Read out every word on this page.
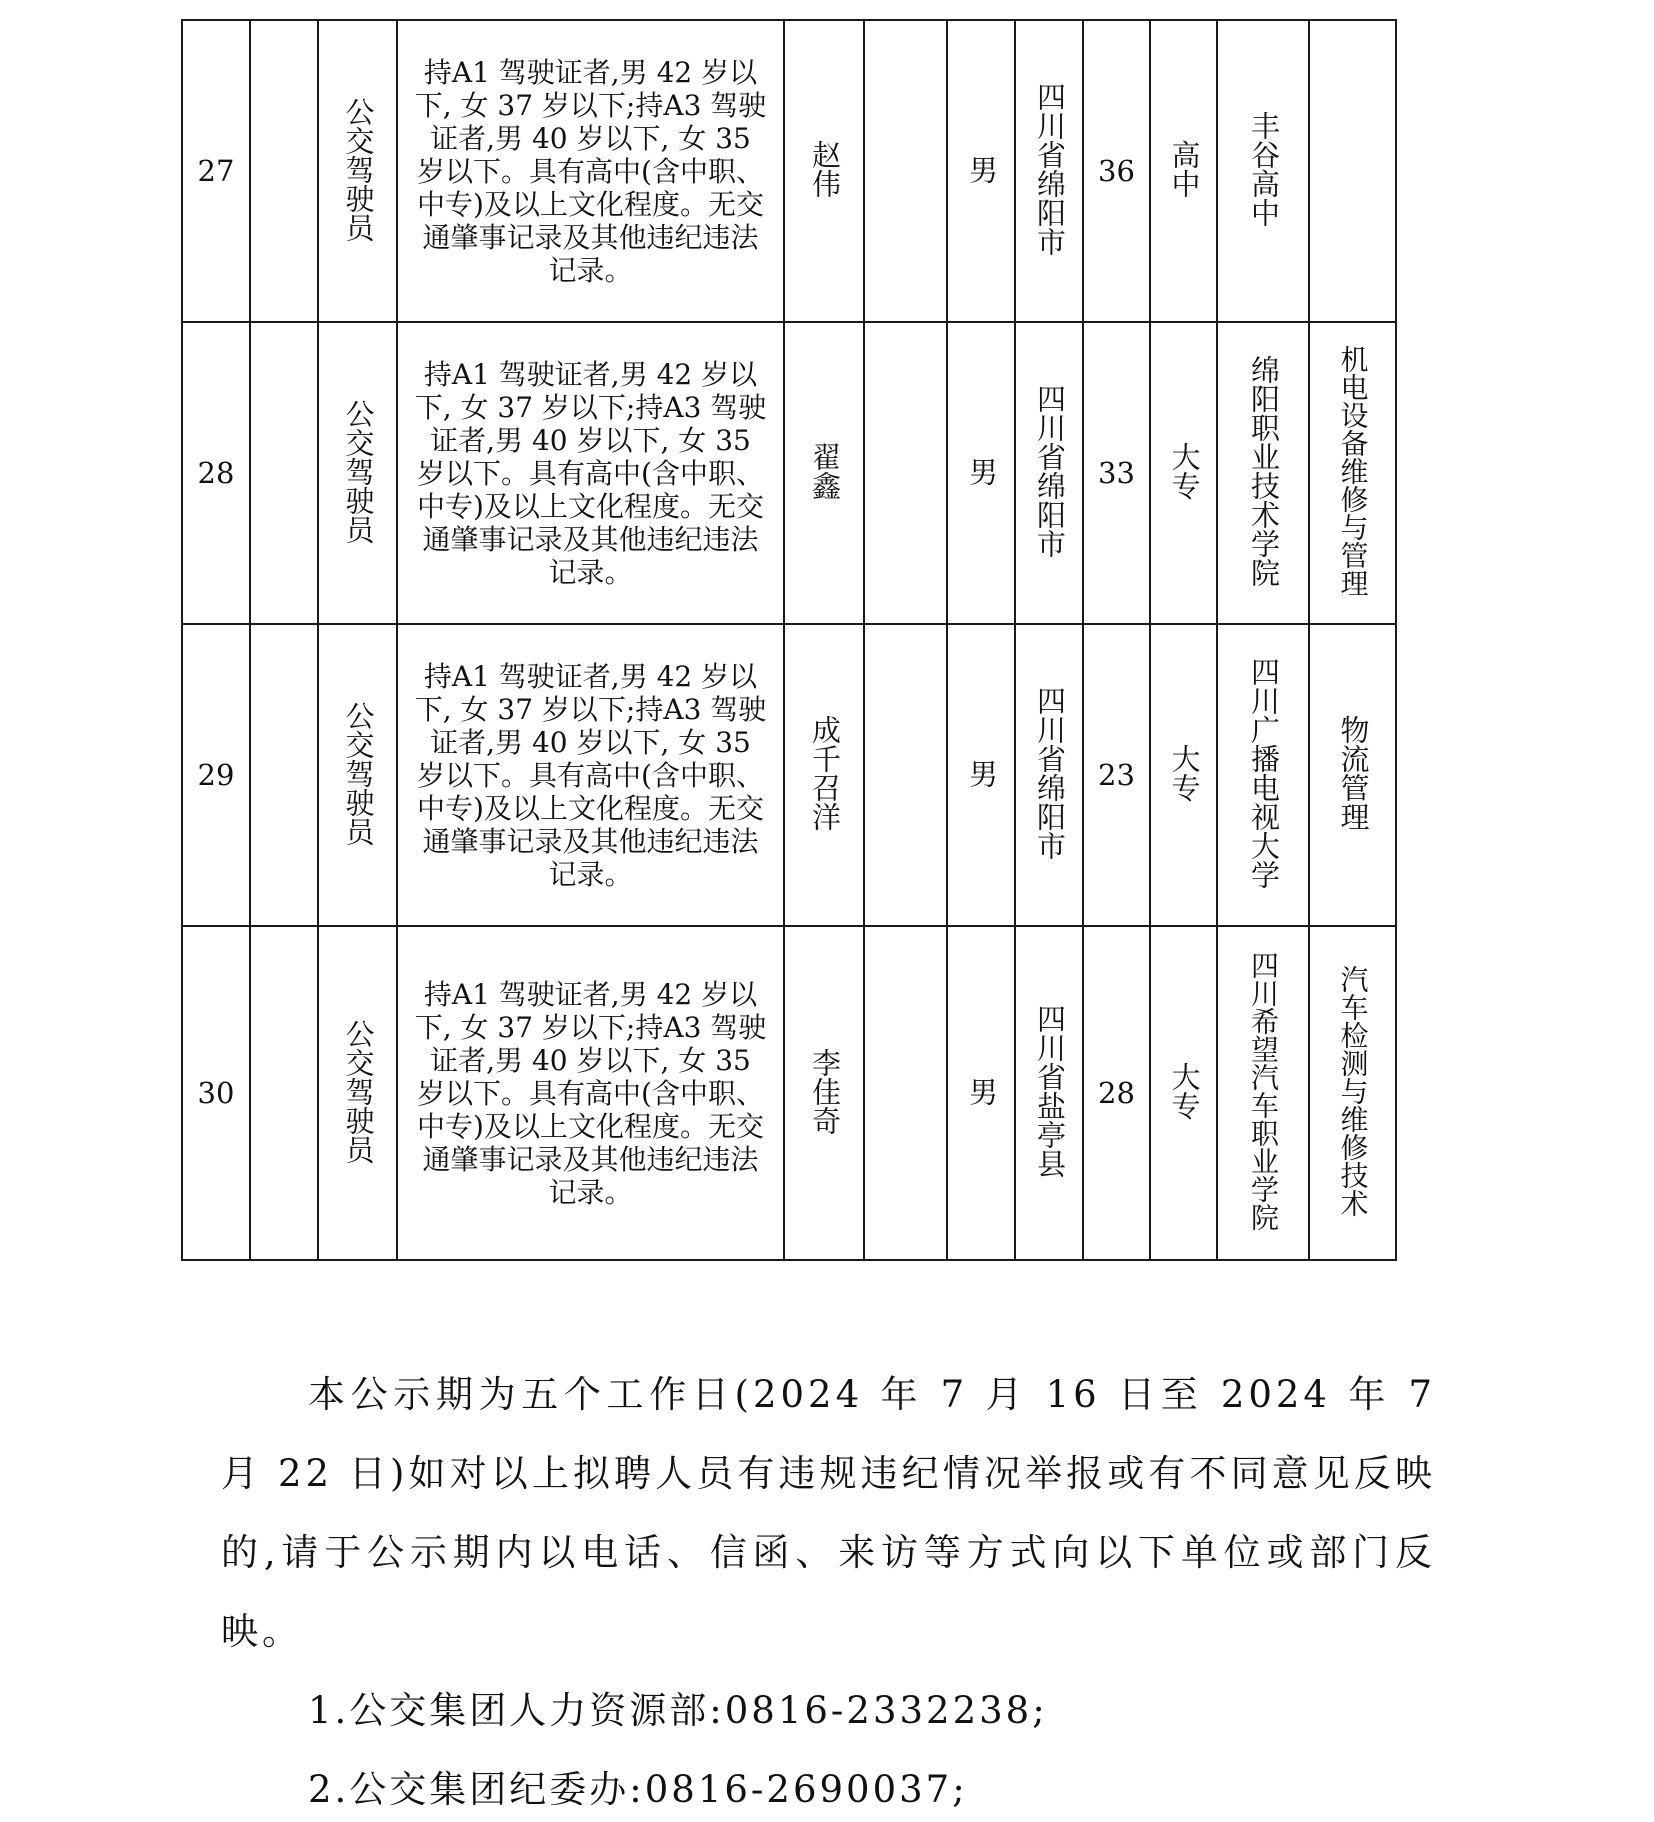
27		公交驾驶员	持A1 驾驶证者,男 42 岁以下, 女 37 岁以下;持A3 驾驶证者,男 40 岁以下, 女 35 岁以下。具有高中(含中职、中专)及以上文化程度。无交通肇事记录及其他违纪违法记录。	赵伟		男	四川省绵阳市	36	高中	丰谷高中	
28		公交驾驶员	持A1 驾驶证者,男 42 岁以下, 女 37 岁以下;持A3 驾驶证者,男 40 岁以下, 女 35 岁以下。具有高中(含中职、中专)及以上文化程度。无交通肇事记录及其他违纪违法记录。	翟鑫		男	四川省绵阳市	33	大专	绵阳职业技术学院	机电设备维修与管理
29		公交驾驶员	持A1 驾驶证者,男 42 岁以下, 女 37 岁以下;持A3 驾驶证者,男 40 岁以下, 女 35 岁以下。具有高中(含中职、中专)及以上文化程度。无交通肇事记录及其他违纪违法记录。	成千召洋		男	四川省绵阳市	23	大专	四川广播电视大学	物流管理
30		公交驾驶员	持A1 驾驶证者,男 42 岁以下, 女 37 岁以下;持A3 驾驶证者,男 40 岁以下, 女 35 岁以下。具有高中(含中职、中专)及以上文化程度。无交通肇事记录及其他违纪违法记录。	李佳奇		男	四川省盐亭县	28	大专	四川希望汽车职业学院	汽车检测与维修技术

本公示期为五个工作日(2024 年 7 月 16 日至 2024 年 7 月 22 日)如对以上拟聘人员有违规违纪情况举报或有不同意见反映的,请于公示期内以电话、信函、来访等方式向以下单位或部门反映。

1.公交集团人力资源部:0816-2332238;
2.公交集团纪委办:0816-2690037;
